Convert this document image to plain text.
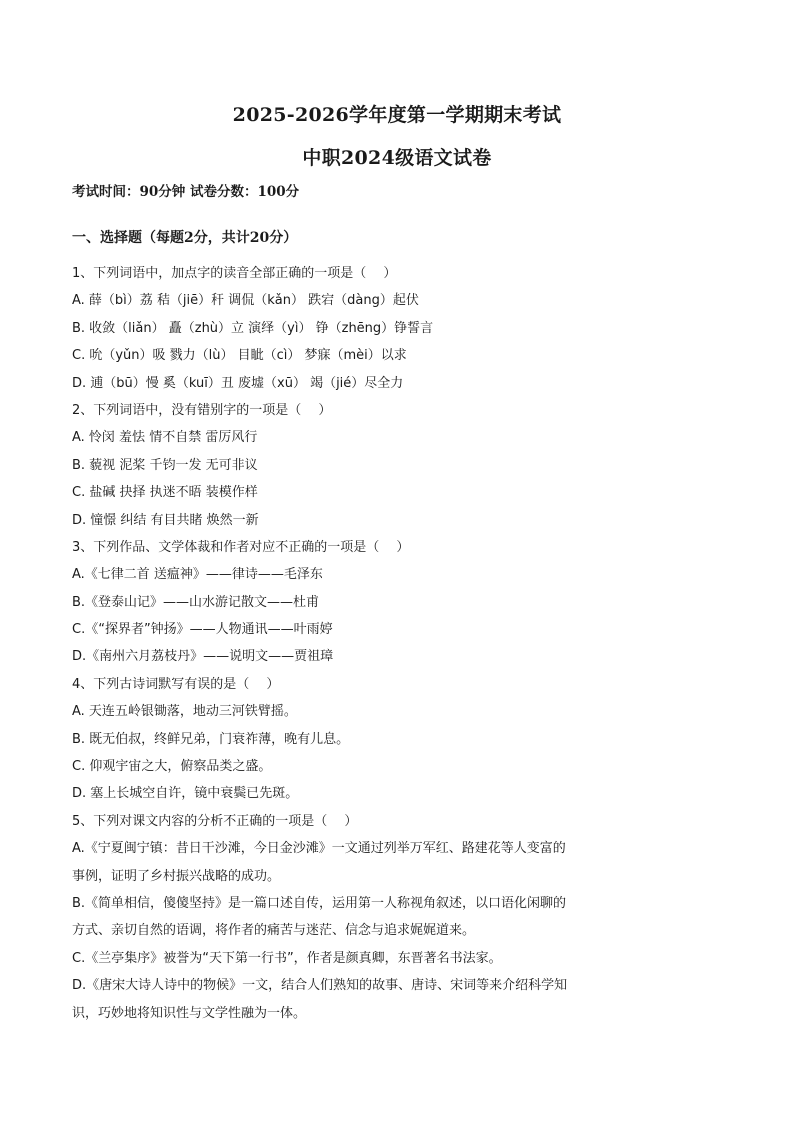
2025-2026学年度第一学期期末考试
中职2024级语文试卷
考试时间：90分钟 试卷分数：100分
一、选择题（每题2分，共计20分）
1、下列词语中，加点字的读音全部正确的一项是（　 ）
A. 薛（bì）荔 秸（jiē）秆 调侃（kǎn） 跌宕（dàng）起伏
B. 收敛（liǎn） 矗（zhù）立 演绎（yì） 铮（zhēng）铮誓言
C. 吮（yǔn）吸 戮力（lù） 目眦（cì） 梦寐（mèi）以求
D. 逋（bū）慢 奚（kuī）丑 废墟（xū） 竭（jié）尽全力
2、下列词语中，没有错别字的一项是（　 ）
A. 怜闵 羞怯 情不自禁 雷厉风行
B. 藐视 泥桨 千钧一发 无可非议
C. 盐碱 抉择 执迷不晤 装模作样
D. 憧憬 纠结 有目共睹 焕然一新
3、下列作品、文学体裁和作者对应不正确的一项是（　 ）
A.《七律二首 送瘟神》——律诗——毛泽东
B.《登泰山记》——山水游记散文——杜甫
C.《“探界者”钟扬》——人物通讯——叶雨婷
D.《南州六月荔枝丹》——说明文——贾祖璋
4、下列古诗词默写有误的是（　 ）
A. 天连五岭银锄落，地动三河铁臂摇。
B. 既无伯叔，终鲜兄弟，门衰祚薄，晚有儿息。
C. 仰观宇宙之大，俯察品类之盛。
D. 塞上长城空自许，镜中衰鬓已先斑。
5、下列对课文内容的分析不正确的一项是（　 ）
A.《宁夏闽宁镇：昔日干沙滩，今日金沙滩》一文通过列举万军红、路建花等人变富的
事例，证明了乡村振兴战略的成功。
B.《简单相信，傻傻坚持》是一篇口述自传，运用第一人称视角叙述，以口语化闲聊的
方式、亲切自然的语调，将作者的痛苦与迷茫、信念与追求娓娓道来。
C.《兰亭集序》被誉为“天下第一行书”，作者是颜真卿，东晋著名书法家。
D.《唐宋大诗人诗中的物候》一文，结合人们熟知的故事、唐诗、宋词等来介绍科学知
识，巧妙地将知识性与文学性融为一体。
